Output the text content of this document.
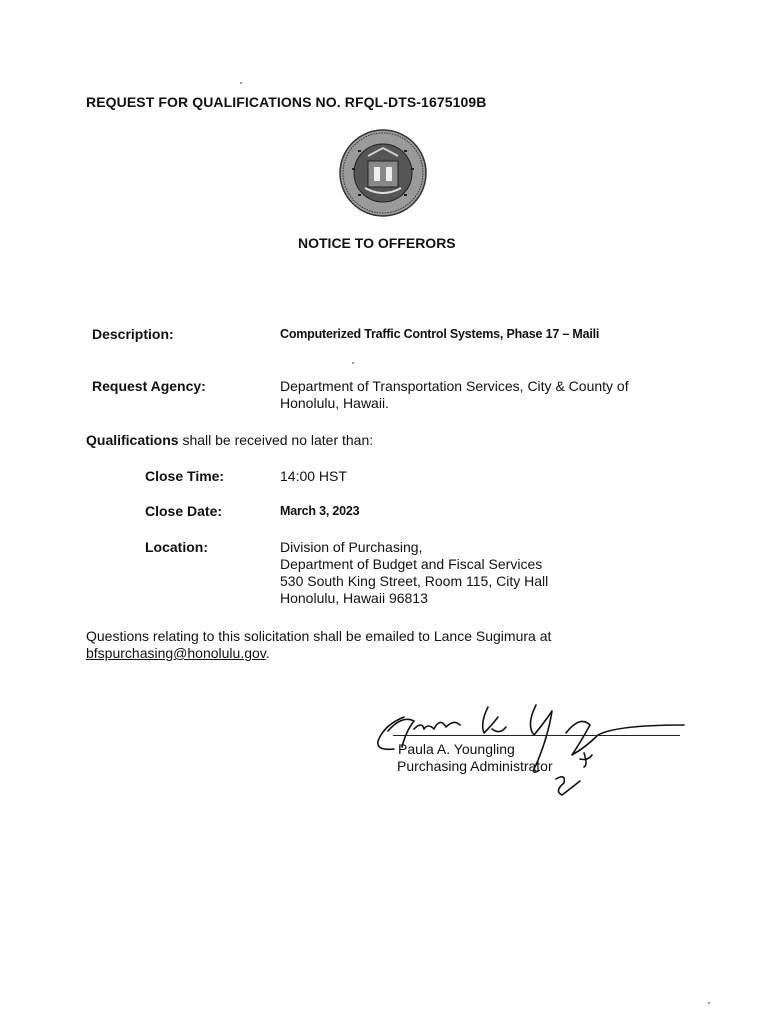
REQUEST FOR QUALIFICATIONS NO. RFQL-DTS-1675109B
NOTICE TO OFFERORS
Description:	Computerized Traffic Control Systems, Phase 17 – Maili
Request Agency:	Department of Transportation Services, City & County of
Honolulu, Hawaii.
Qualifications shall be received no later than:
Close Time:	14:00 HST
Close Date:	March 3, 2023
Location:	Division of Purchasing,
Department of Budget and Fiscal Services
530 South King Street, Room 115, City Hall
Honolulu, Hawaii 96813
Questions relating to this solicitation shall be emailed to Lance Sugimura at
bfspurchasing@honolulu.gov.
Paula A. Youngling
Purchasing Administrator
